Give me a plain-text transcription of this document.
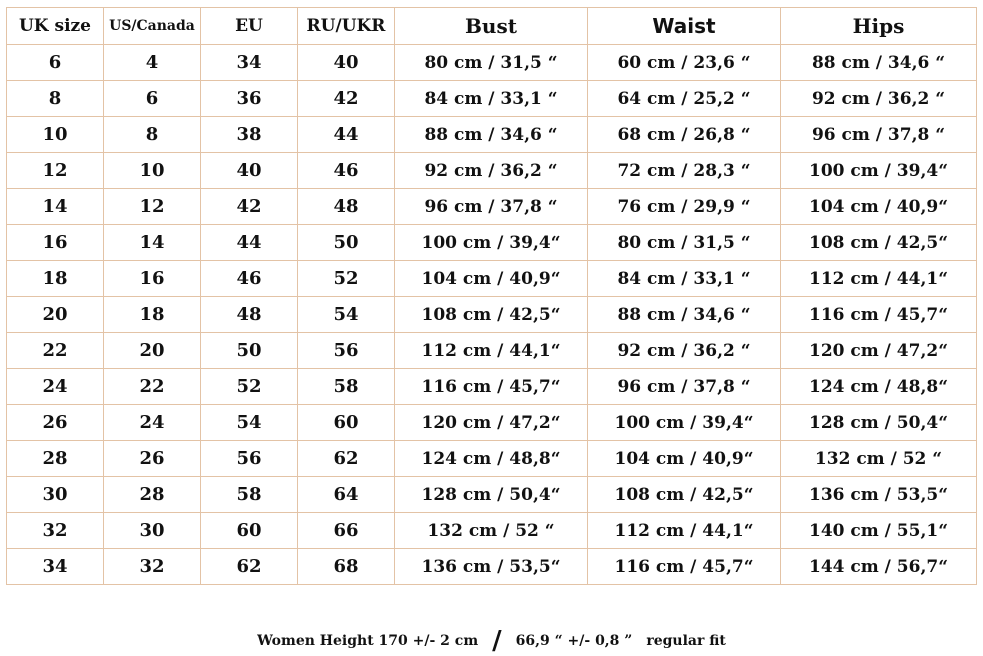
UK size	US/Canada	EU	RU/UKR	Bust	Waist	Hips
6	4	34	40	80 cm / 31,5 “	60 cm / 23,6 “	88 cm / 34,6 “
8	6	36	42	84 cm / 33,1 “	64 cm / 25,2 “	92 cm / 36,2 “
10	8	38	44	88 cm / 34,6 “	68 cm / 26,8 “	96 cm / 37,8 “
12	10	40	46	92 cm / 36,2 “	72 cm / 28,3 “	100 cm / 39,4“
14	12	42	48	96 cm / 37,8 “	76 cm / 29,9 “	104 cm / 40,9“
16	14	44	50	100 cm / 39,4“	80 cm / 31,5 “	108 cm / 42,5“
18	16	46	52	104 cm / 40,9“	84 cm / 33,1 “	112 cm / 44,1“
20	18	48	54	108 cm / 42,5“	88 cm / 34,6 “	116 cm / 45,7“
22	20	50	56	112 cm / 44,1“	92 cm / 36,2 “	120 cm / 47,2“
24	22	52	58	116 cm / 45,7“	96 cm / 37,8 “	124 cm / 48,8“
26	24	54	60	120 cm / 47,2“	100 cm / 39,4“	128 cm / 50,4“
28	26	56	62	124 cm / 48,8“	104 cm / 40,9“	132 cm / 52 “
30	28	58	64	128 cm / 50,4“	108 cm / 42,5“	136 cm / 53,5“
32	30	60	66	132 cm / 52 “	112 cm / 44,1“	140 cm / 55,1“
34	32	62	68	136 cm / 53,5“	116 cm / 45,7“	144 cm / 56,7“
Women Height 170 +/- 2 cm / 66,9 “ +/- 0,8 ” regular fit
